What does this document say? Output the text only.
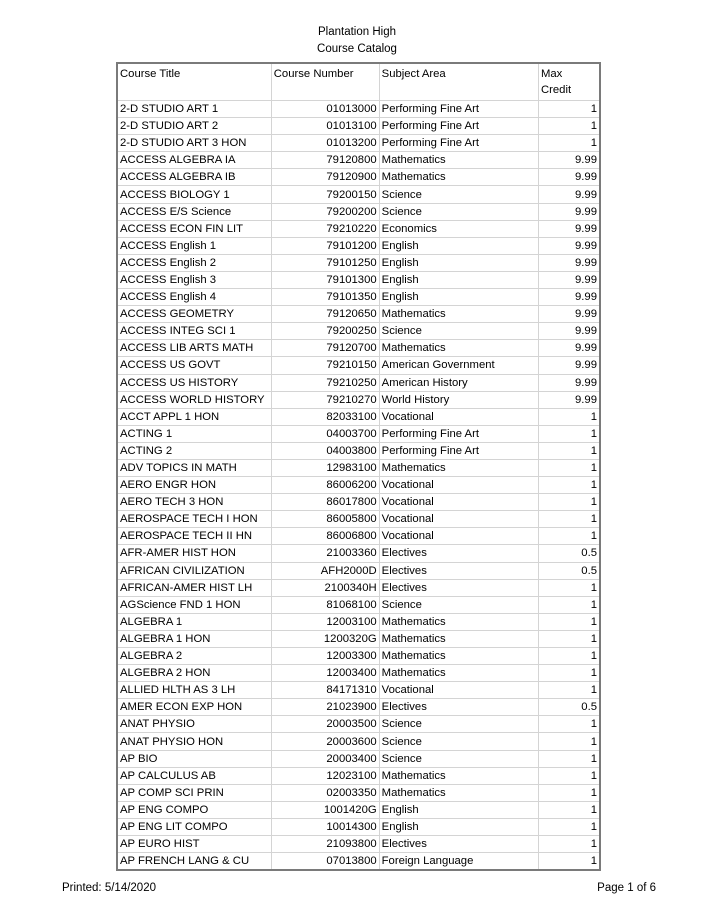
Plantation High
Course Catalog
Course Title	Course Number	Subject Area	Max
Credit
2-D STUDIO ART 1	01013000	Performing Fine Art	1
2-D STUDIO ART 2	01013100	Performing Fine Art	1
2-D STUDIO ART 3 HON	01013200	Performing Fine Art	1
ACCESS ALGEBRA IA	79120800	Mathematics	9.99
ACCESS ALGEBRA IB	79120900	Mathematics	9.99
ACCESS BIOLOGY 1	79200150	Science	9.99
ACCESS E/S Science	79200200	Science	9.99
ACCESS ECON FIN LIT	79210220	Economics	9.99
ACCESS English 1	79101200	English	9.99
ACCESS English 2	79101250	English	9.99
ACCESS English 3	79101300	English	9.99
ACCESS English 4	79101350	English	9.99
ACCESS GEOMETRY	79120650	Mathematics	9.99
ACCESS INTEG SCI 1	79200250	Science	9.99
ACCESS LIB ARTS MATH	79120700	Mathematics	9.99
ACCESS US GOVT	79210150	American Government	9.99
ACCESS US HISTORY	79210250	American History	9.99
ACCESS WORLD HISTORY	79210270	World History	9.99
ACCT APPL 1 HON	82033100	Vocational	1
ACTING 1	04003700	Performing Fine Art	1
ACTING 2	04003800	Performing Fine Art	1
ADV TOPICS IN MATH	12983100	Mathematics	1
AERO ENGR HON	86006200	Vocational	1
AERO TECH 3 HON	86017800	Vocational	1
AEROSPACE TECH I HON	86005800	Vocational	1
AEROSPACE TECH II HN	86006800	Vocational	1
AFR-AMER HIST HON	21003360	Electives	0.5
AFRICAN CIVILIZATION	AFH2000D	Electives	0.5
AFRICAN-AMER HIST LH	2100340H	Electives	1
AGScience FND 1 HON	81068100	Science	1
ALGEBRA 1	12003100	Mathematics	1
ALGEBRA 1 HON	1200320G	Mathematics	1
ALGEBRA 2	12003300	Mathematics	1
ALGEBRA 2 HON	12003400	Mathematics	1
ALLIED HLTH AS 3 LH	84171310	Vocational	1
AMER ECON EXP HON	21023900	Electives	0.5
ANAT PHYSIO	20003500	Science	1
ANAT PHYSIO HON	20003600	Science	1
AP BIO	20003400	Science	1
AP CALCULUS AB	12023100	Mathematics	1
AP COMP SCI PRIN	02003350	Mathematics	1
AP ENG COMPO	1001420G	English	1
AP ENG LIT COMPO	10014300	English	1
AP EURO HIST	21093800	Electives	1
AP FRENCH LANG & CU	07013800	Foreign Language	1
Printed: 5/14/2020	Page 1 of 6
